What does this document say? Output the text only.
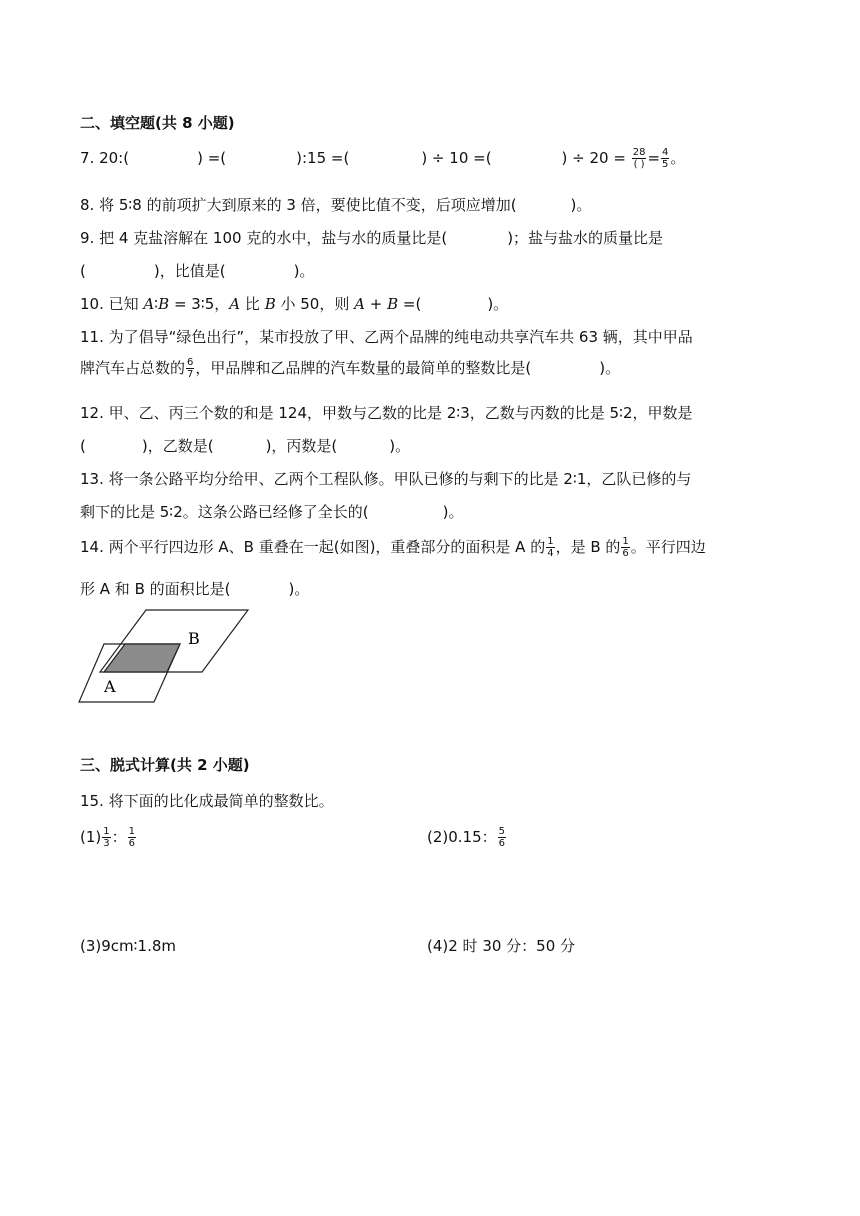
二、填空题(共 8 小题)
7. 20:(	) =(	):15 =(	) ÷ 10 =(	) ÷ $20 = \frac{28}{( )} = \frac{4}{5}$ 。
8. 将 5∶8 的前项扩大到原来的 3 倍，要使比值不变，后项应增加(	)。
9. 把 4 克盐溶解在 100 克的水中，盐与水的质量比是(	)；盐与盐水的质量比是
(	)，比值是(	)。
10. 已知 A∶B = 3∶5，A 比 B 小 50，则 A + B =(	)。
11. 为了倡导“绿色出行”，某市投放了甲、乙两个品牌的纯电动共享汽车共 63 辆，其中甲品
牌汽车占总数的 $\frac{6}{7}$ ，甲品牌和乙品牌的汽车数量的最简单的整数比是(	)。
12. 甲、乙、丙三个数的和是 124，甲数与乙数的比是 2∶3，乙数与丙数的比是 5∶2，甲数是
(	)，乙数是(	)，丙数是(	)。
13. 将一条公路平均分给甲、乙两个工程队修。甲队已修的与剩下的比是 2∶1，乙队已修的与
剩下的比是 5∶2。这条公路已经修了全长的(	)。
14. 两个平行四边形 A、B 重叠在一起(如图)，重叠部分的面积是 A 的 $\frac{1}{4}$ ，是 B 的 $\frac{1}{6}$ 。平行四边
形 A 和 B 的面积比是(	)。
B
A
三、脱式计算(共 2 小题)
15. 将下面的比化成最简单的整数比。
$(1) \frac{1}{3}$ ： $\frac{1}{6}$	(2)0.15： $\frac{5}{6}$
(3)9cm∶1.8m	(4)2 时 30 分：50 分
